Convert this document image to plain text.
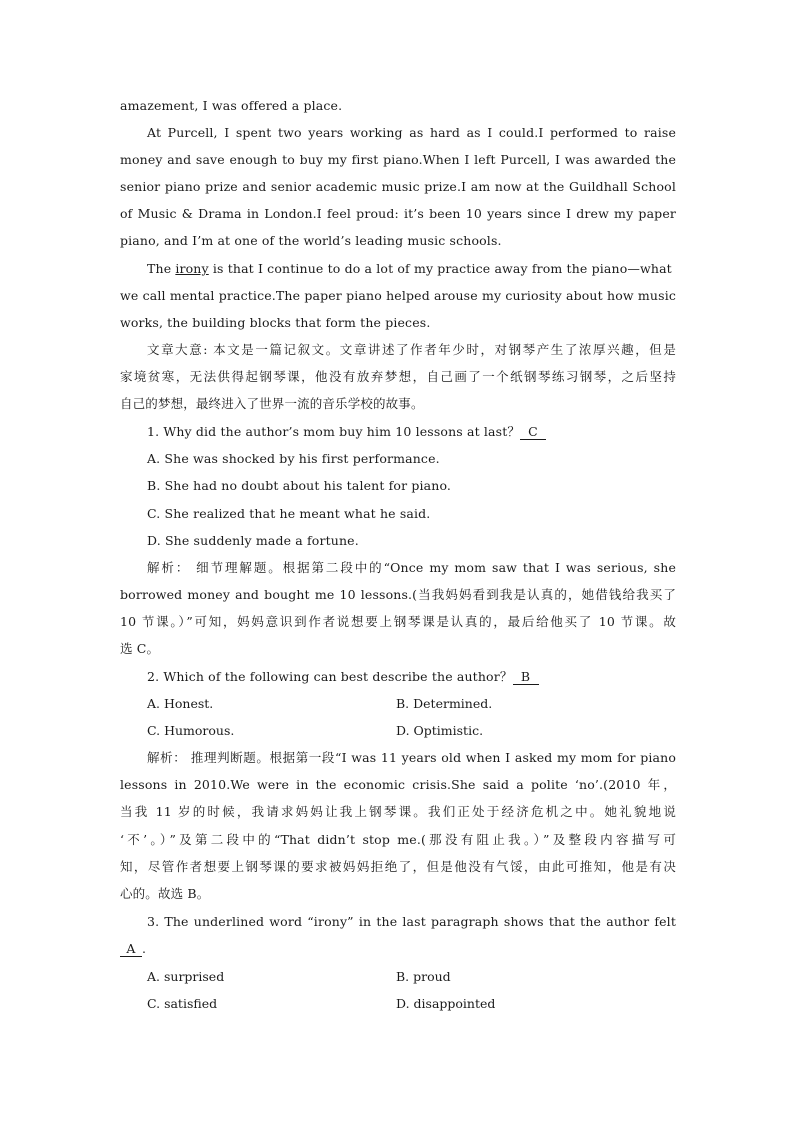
amazement, I was offered a place.
At Purcell, I spent two years working as hard as I could.I performed to raise
money and save enough to buy my first piano.When I left Purcell, I was awarded the
senior piano prize and senior academic music prize.I am now at the Guildhall School
of Music & Drama in London.I feel proud: it’s been 10 years since I drew my paper
piano, and I’m at one of the world’s leading music schools.
The irony is that I continue to do a lot of my practice away from the piano—what
we call mental practice.The paper piano helped arouse my curiosity about how music
works, the building blocks that form the pieces.
文章大意: 本文是一篇记叙文。文章讲述了作者年少时，对钢琴产生了浓厚兴趣，但是
家境贫寒，无法供得起钢琴课，他没有放弃梦想，自己画了一个纸钢琴练习钢琴，之后坚持
自己的梦想，最终进入了世界一流的音乐学校的故事。
1. Why did the author’s mom buy him 10 lessons at last？ C
A. She was shocked by his first performance.
B. She had no doubt about his talent for piano.
C. She realized that he meant what he said.
D. She suddenly made a fortune.
解析： 细节理解题。根据第二段中的“Once my mom saw that I was serious, she
borrowed money and bought me 10 lessons.(当我妈妈看到我是认真的，她借钱给我买了
10 节课。）”可知，妈妈意识到作者说想要上钢琴课是认真的，最后给他买了 10 节课。故
选 C。
2. Which of the following can best describe the author？ B
A. Honest.	B. Determined.
C. Humorous.	D. Optimistic.
解析： 推理判断题。根据第一段“I was 11 years old when I asked my mom for piano
lessons in 2010.We were in the economic crisis.She said a polite ‘no’.(2010 年，
当我 11 岁的时候，我请求妈妈让我上钢琴课。我们正处于经济危机之中。她礼貌地说
‘不’。）”及第二段中的“That didn’t stop me.(那没有阻止我。）”及整段内容描写可
知，尽管作者想要上钢琴课的要求被妈妈拒绝了，但是他没有气馁，由此可推知，他是有决
心的。故选 B。
3. The underlined word “irony” in the last paragraph shows that the author felt
A .
A. surprised	B. proud
C. satisfied	D. disappointed
